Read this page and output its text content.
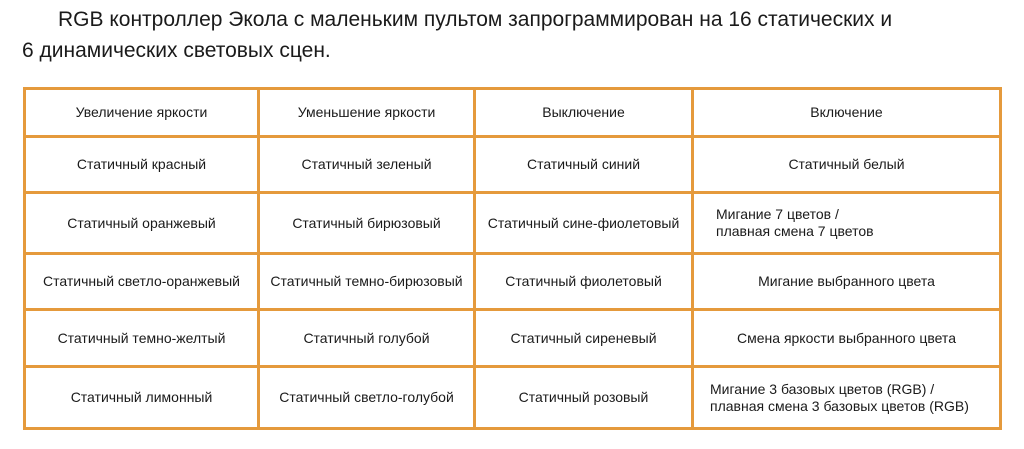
RGB контроллер Экола с маленьким пультом запрограммирован на 16 статических и
6 динамических световых сцен.
Увеличение яркости	Уменьшение яркости	Выключение	Включение
Статичный красный	Статичный зеленый	Статичный синий	Статичный белый
Статичный оранжевый	Статичный бирюзовый	Статичный сине-фиолетовый	Мигание 7 цветов /
плавная смена 7 цветов
Статичный светло-оранжевый	Статичный темно-бирюзовый	Статичный фиолетовый	Мигание выбранного цвета
Статичный темно-желтый	Статичный голубой	Статичный сиреневый	Смена яркости выбранного цвета
Статичный лимонный	Статичный светло-голубой	Статичный розовый	Мигание 3 базовых цветов (RGB) /
плавная смена 3 базовых цветов (RGB)
